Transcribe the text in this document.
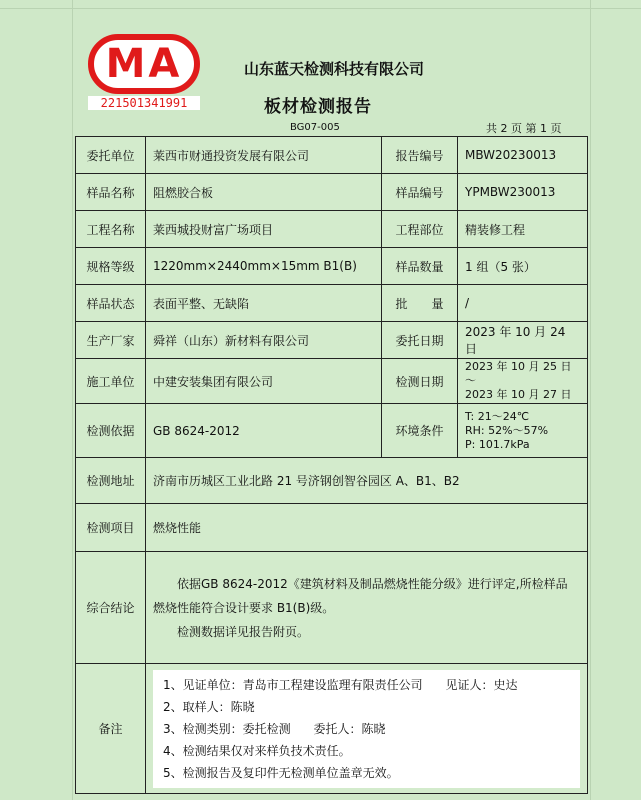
MA
221501341991
山东蓝天检测科技有限公司
板材检测报告
BG07-005	共 2 页 第 1 页
委托单位	莱西市财通投资发展有限公司	报告编号	MBW20230013
样品名称	阻燃胶合板	样品编号	YPMBW230013
工程名称	莱西城投财富广场项目	工程部位	精装修工程
规格等级	1220mm×2440mm×15mm B1(B)	样品数量	1 组（5 张）
样品状态	表面平整、无缺陷	批　　量	/
生产厂家	舜祥（山东）新材料有限公司	委托日期	2023 年 10 月 24 日
施工单位	中建安装集团有限公司	检测日期	2023 年 10 月 25 日～
2023 年 10 月 27 日

检测依据	GB 8624-2012	环境条件	T: 21～24℃
RH: 52%～57%
P: 101.7kPa

检测地址	济南市历城区工业北路 21 号济钢创智谷园区 A、B1、B2		
检测项目	燃烧性能		
综合结论	依据GB 8624-2012《建筑材料及制品燃烧性能分级》进行评定,所检样品

燃烧性能符合设计要求 B1(B)级。

检测数据详见报告附页。		

备注	1、见证单位：青岛市工程建设监理有限责任公司      见证人：史达
2、取样人：陈晓
3、检测类别：委托检测      委托人：陈晓
4、检测结果仅对来样负技术责任。
5、检测报告及复印件无检测单位盖章无效。		
